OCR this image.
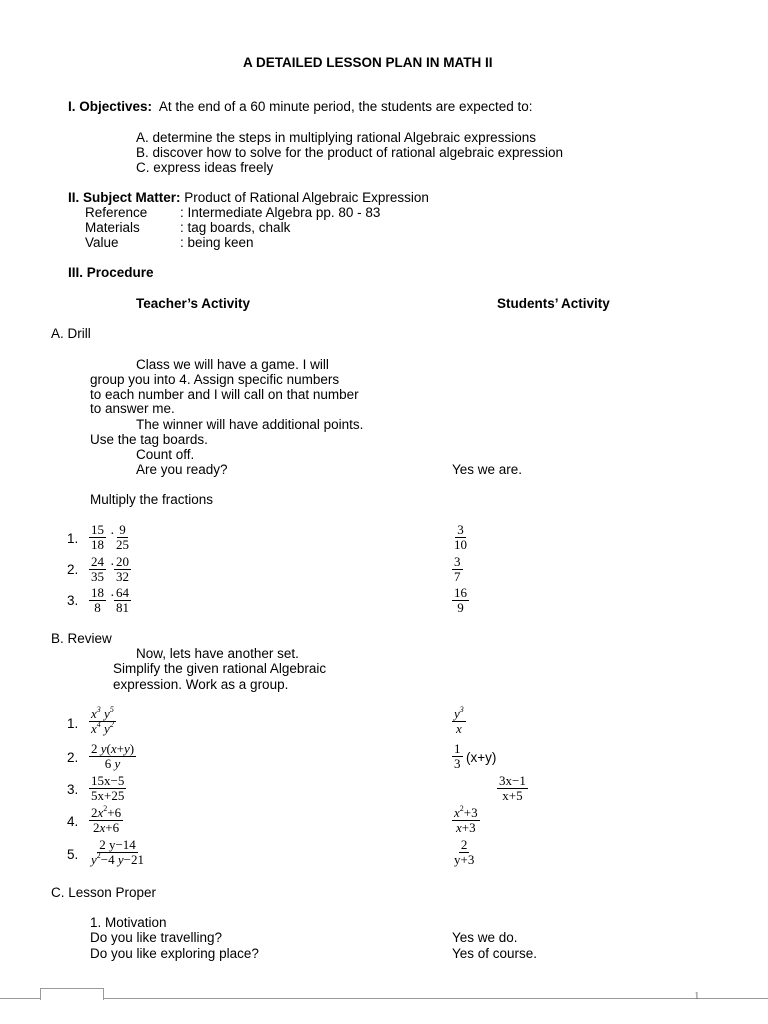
A DETAILED LESSON PLAN IN MATH II
I. Objectives: At the end of a 60 minute period, the students are expected to:
A. determine the steps in multiplying rational Algebraic expressions
B. discover how to solve for the product of rational algebraic expression
C. express ideas freely
II. Subject Matter: Product of Rational Algebraic Expression
Reference : Intermediate Algebra pp. 80 - 83
Materials	: tag boards, chalk
Value	: being keen
III. Procedure
Teacher’s Activity	Students’ Activity
A. Drill
Class we will have a game. I will
group you into 4. Assign specific numbers
to each number and I will call on that number
to answer me.
The winner will have additional points.
Use the tag boards.
Count off.
Are you ready?	Yes we are.
Multiply the fractions
1. $\frac{15}{18} \cdot \frac{9}{25}$	$\frac{3}{10}$
2. $\frac{24}{35} \cdot \frac{20}{32}$	$\frac{3}{7}$
3. $\frac{18}{8} \cdot \frac{64}{81}$	$\frac{16}{9}$
B. Review
Now, lets have another set.
Simplify the given rational Algebraic
expression. Work as a group.
1. $\frac{x^3 y^5}{x^4 y^2}$	$\frac{y^3}{x}$
2. $\frac{2 y(x+y)}{6 y}$	$\frac{1}{3} (x+y)$
3. $\frac{15x-5}{5x+25}$	$\frac{3x-1}{x+5}$
4. $\frac{2x^2+6}{2x+6}$	$\frac{x^2+3}{x+3}$
5. $\frac{2 y-14}{y^2-4 y-21}$	$\frac{2}{y+3}$
C. Lesson Proper
1. Motivation
Do you like travelling?	Yes we do.
Do you like exploring place?	Yes of course.
1
